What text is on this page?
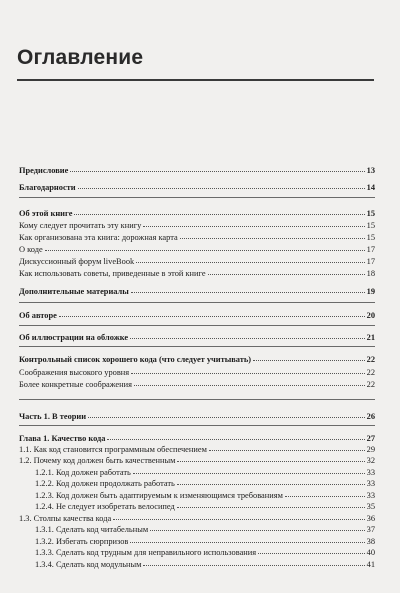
Оглавление
Предисловие	13
Благодарности	14
Об этой книге	15
Кому следует прочитать эту книгу	15
Как организована эта книга: дорожная карта	15
О коде	17
Дискуссионный форум liveBook	17
Как использовать советы, приведенные в этой книге	18
Дополнительные материалы	19
Об авторе	20
Об иллюстрации на обложке	21
Контрольный список хорошего кода (что следует учитывать)	22
Соображения высокого уровня	22
Более конкретные соображения	22
Часть 1. В теории	26
Глава 1. Качество кода	27
1.1. Как код становится программным обеспечением	29
1.2. Почему код должен быть качественным	32
1.2.1. Код должен работать	33
1.2.2. Код должен продолжать работать	33
1.2.3. Код должен быть адаптируемым к изменяющимся требованиям	33
1.2.4. Не следует изобретать велосипед	35
1.3. Столпы качества кода	36
1.3.1. Сделать код читабельным	37
1.3.2. Избегать сюрпризов	38
1.3.3. Сделать код трудным для неправильного использования	40
1.3.4. Сделать код модульным	41
